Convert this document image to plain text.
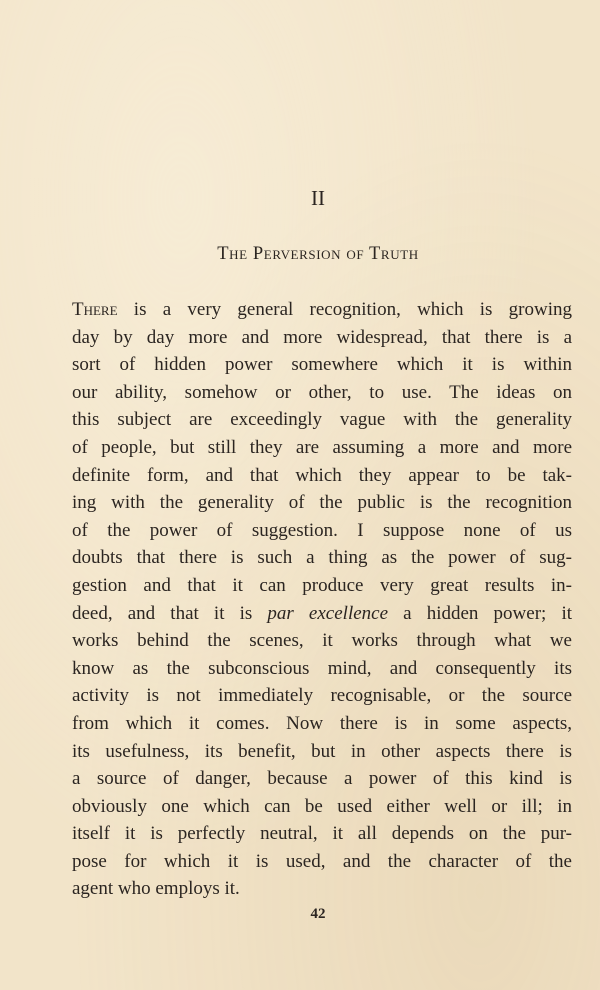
II
The Perversion of Truth
There is a very general recognition, which is growing
day by day more and more widespread, that there is a
sort of hidden power somewhere which it is within
our ability, somehow or other, to use. The ideas on
this subject are exceedingly vague with the generality
of people, but still they are assuming a more and more
definite form, and that which they appear to be tak-
ing with the generality of the public is the recognition
of the power of suggestion. I suppose none of us
doubts that there is such a thing as the power of sug-
gestion and that it can produce very great results in-
deed, and that it is par excellence a hidden power; it
works behind the scenes, it works through what we
know as the subconscious mind, and consequently its
activity is not immediately recognisable, or the source
from which it comes. Now there is in some aspects,
its usefulness, its benefit, but in other aspects there is
a source of danger, because a power of this kind is
obviously one which can be used either well or ill; in
itself it is perfectly neutral, it all depends on the pur-
pose for which it is used, and the character of the
agent who employs it.
42
